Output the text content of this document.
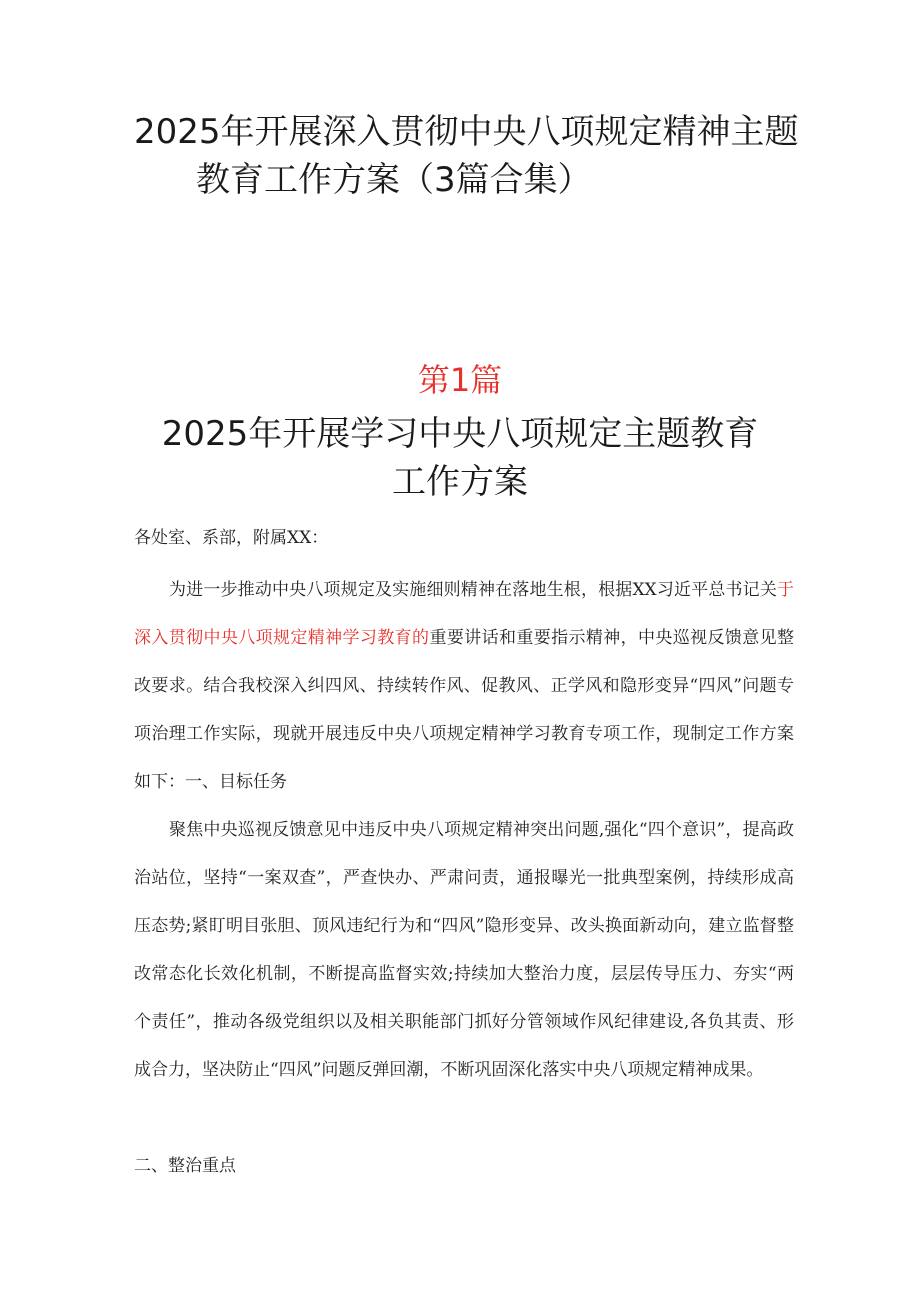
2025年开展深入贯彻中央八项规定精神主题
教育工作方案（3篇合集）
第1篇
2025年开展学习中央八项规定主题教育
工作方案
各处室、系部，附属XX：

为进一步推动中央八项规定及实施细则精神在落地生根，根据XX习近平总书记关于深入贯彻中央八项规定精神学习教育的重要讲话和重要指示精神，中央巡视反馈意见整改要求。结合我校深入纠四风、持续转作风、促教风、正学风和隐形变异“四风”问题专项治理工作实际，现就开展违反中央八项规定精神学习教育专项工作，现制定工作方案如下：一、目标任务

聚焦中央巡视反馈意见中违反中央八项规定精神突出问题,强化“四个意识”，提高政治站位，坚持“一案双查”，严查快办、严肃问责，通报曝光一批典型案例，持续形成高压态势;紧盯明目张胆、顶风违纪行为和“四风”隐形变异、改头换面新动向，建立监督整改常态化长效化机制，不断提高监督实效;持续加大整治力度，层层传导压力、夯实“两个责任”，推动各级党组织以及相关职能部门抓好分管领域作风纪律建设,各负其责、形成合力，坚决防止“四风”问题反弹回潮，不断巩固深化落实中央八项规定精神成果。

二、整治重点
